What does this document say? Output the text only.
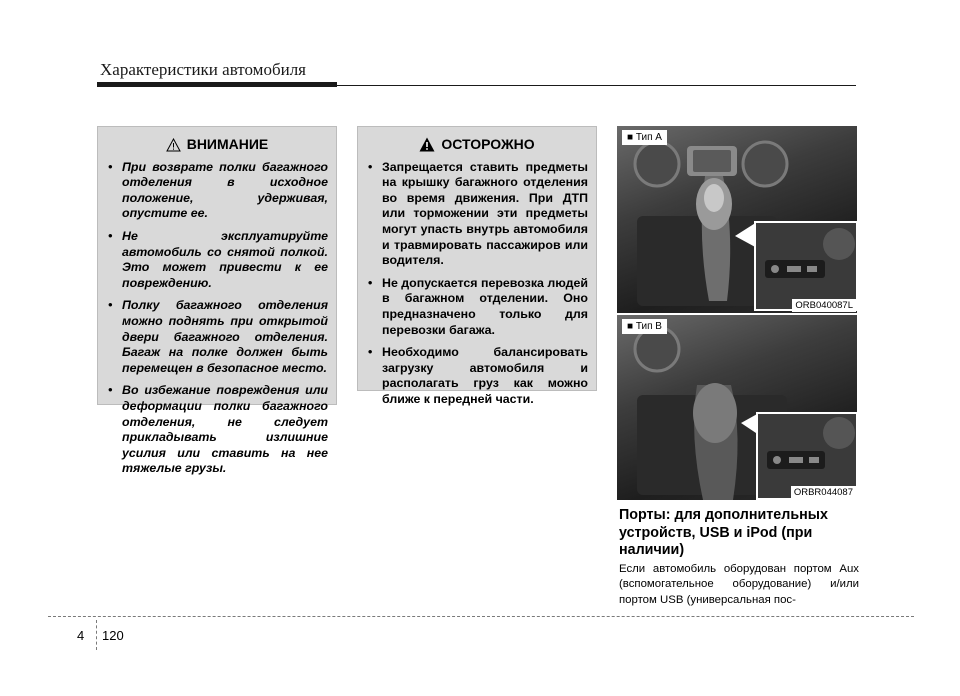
Характеристики автомобиля
ВНИМАНИЕ
• При возврате полки багажного отделения в исходное положение, удерживая, опустите ее.
• Не эксплуатируйте автомобиль со снятой полкой. Это может привести к ее повреждению.
• Полку багажного отделения можно поднять при открытой двери багажного отделения. Багаж на полке должен быть перемещен в безопасное место.
• Во избежание повреждения или деформации полки багажного отделения, не следует прикладывать излишние усилия или ставить на нее тяжелые грузы.
ОСТОРОЖНО
• Запрещается ставить предметы на крышку багажного отделения во время движения. При ДТП или торможении эти предметы могут упасть внутрь автомобиля и травмировать пассажиров или водителя.
• Не допускается перевозка людей в багажном отделении. Оно предназначено только для перевозки багажа.
• Необходимо балансировать загрузку автомобиля и располагать груз как можно ближе к передней части.
■ Тип A
ORB040087L
■ Тип B
ORBR044087
Порты: для дополнительных устройств, USB и iPod (при наличии)
Если автомобиль оборудован портом Aux (вспомогательное оборудование) и/или портом USB (универсальная пос-
4 120
